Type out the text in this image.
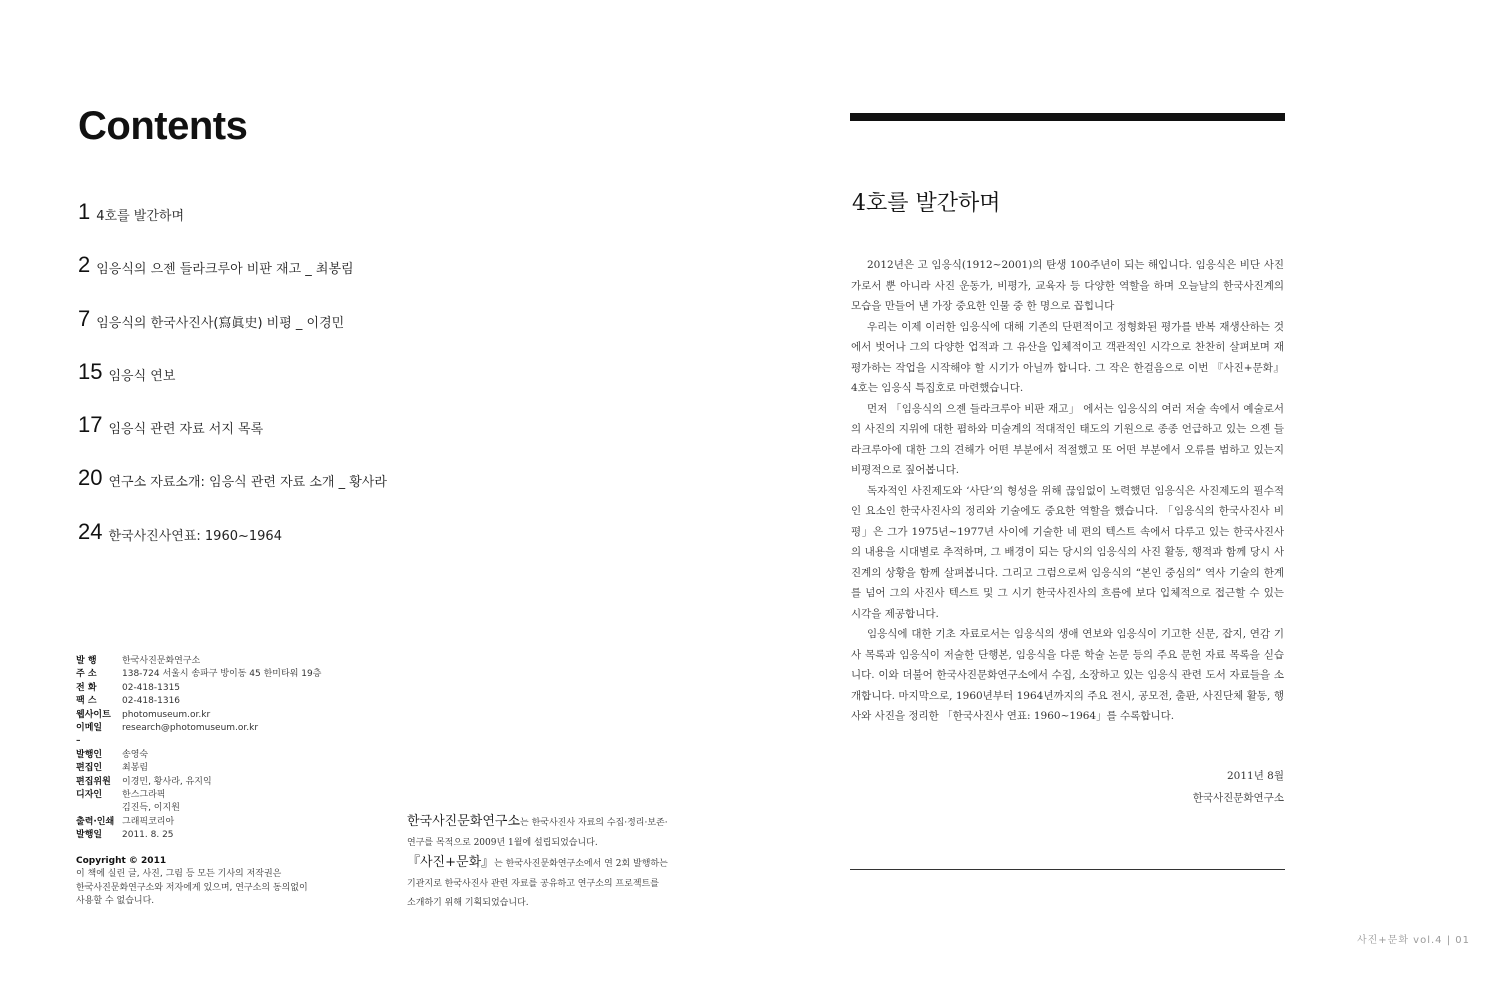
Contents
1 4호를 발간하며
2 임응식의 으젠 들라크루아 비판 재고 _ 최봉림
7 임응식의 한국사진사(寫眞史) 비평 _ 이경민
15 임응식 연보
17 임응식 관련 자료 서지 목록
20 연구소 자료소개: 임응식 관련 자료 소개 _ 황사라
24 한국사진사연표: 1960~1964
발 행	한국사진문화연구소
주 소	138-724 서울시 송파구 방이동 45 한미타워 19층
전 화	02-418-1315
팩 스	02-418-1316
웹사이트	photomuseum.or.kr
이메일	research@photomuseum.or.kr
–
발행인	송영숙
편집인	최봉림
편집위원	이경민, 황사라, 유지익
디자인	한스그라픽
김진득, 이지원
출력·인쇄 그래픽코리아
발행일	2011. 8. 25
Copyright © 2011
이 책에 실린 글, 사진, 그림 등 모든 기사의 저작권은
한국사진문화연구소와 저자에게 있으며, 연구소의 동의없이
사용할 수 없습니다.
한국사진문화연구소는 한국사진사 자료의 수집·정리·보존·
연구를 목적으로 2009년 1월에 설립되었습니다.
『사진+문화』는 한국사진문화연구소에서 연 2회 발행하는
기관지로 한국사진사 관련 자료를 공유하고 연구소의 프로젝트를
소개하기 위해 기획되었습니다.
4호를 발간하며

2012년은 고 임응식(1912~2001)의 탄생 100주년이 되는 해입니다. 임응식은 비단 사진가로서 뿐 아니라 사진 운동가, 비평가, 교육자 등 다양한 역할을 하며 오늘날의 한국사진계의 모습을 만들어 낸 가장 중요한 인물 중 한 명으로 꼽힙니다

우리는 이제 이러한 임응식에 대해 기존의 단편적이고 정형화된 평가를 반복 재생산하는 것에서 벗어나 그의 다양한 업적과 그 유산을 입체적이고 객관적인 시각으로 찬찬히 살펴보며 재평가하는 작업을 시작해야 할 시기가 아닐까 합니다. 그 작은 한걸음으로 이번 『사진+문화』 4호는 임응식 특집호로 마련했습니다.

먼저 「임응식의 으젠 들라크루아 비판 재고」 에서는 임응식의 여러 저술 속에서 예술로서의 사진의 지위에 대한 폄하와 미술계의 적대적인 태도의 기원으로 종종 언급하고 있는 으젠 들라크루아에 대한 그의 견해가 어떤 부분에서 적절했고 또 어떤 부분에서 오류를 범하고 있는지 비평적으로 짚어봅니다.

독자적인 사진제도와 ‘사단’의 형성을 위해 끊임없이 노력했던 임응식은 사진제도의 필수적인 요소인 한국사진사의 정리와 기술에도 중요한 역할을 했습니다. 「임응식의 한국사진사 비평」은 그가 1975년~1977년 사이에 기술한 네 편의 텍스트 속에서 다루고 있는 한국사진사의 내용을 시대별로 추적하며, 그 배경이 되는 당시의 임응식의 사진 활동, 행적과 함께 당시 사진계의 상황을 함께 살펴봅니다. 그리고 그럼으로써 임응식의 “본인 중심의” 역사 기술의 한계를 넘어 그의 사진사 텍스트 및 그 시기 한국사진사의 흐름에 보다 입체적으로 접근할 수 있는 시각을 제공합니다.

임응식에 대한 기초 자료로서는 임응식의 생애 연보와 임응식이 기고한 신문, 잡지, 연감 기사 목록과 임응식이 저술한 단행본, 임응식을 다룬 학술 논문 등의 주요 문헌 자료 목록을 싣습니다. 이와 더불어 한국사진문화연구소에서 수집, 소장하고 있는 임응식 관련 도서 자료들을 소개합니다. 마지막으로, 1960년부터 1964년까지의 주요 전시, 공모전, 출판, 사진단체 활동, 행사와 사진을 정리한 「한국사진사 연표: 1960~1964」를 수록합니다.

2011년 8월
한국사진문화연구소
사진+문화 vol.4 | 01
